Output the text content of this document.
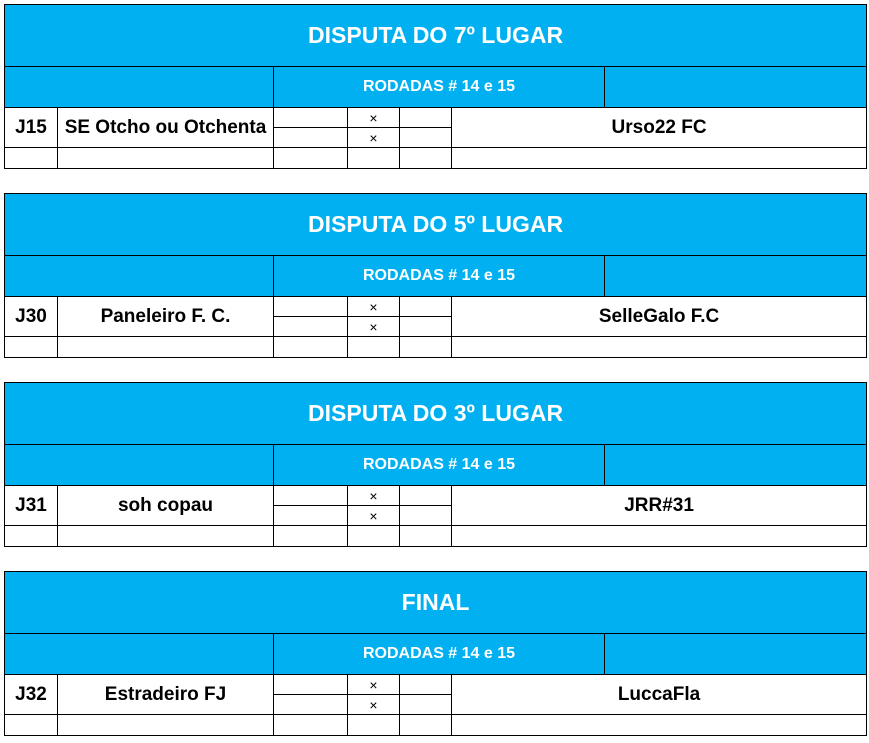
DISPUTA DO 7º LUGAR						
		RODADAS # 14 e 15				
J15	SE Otcho ou Otchenta		×		Urso22 FC	
			×			

DISPUTA DO 5º LUGAR						
		RODADAS # 14 e 15				
J30	Paneleiro F. C.		×		SelleGalo F.C	
			×			

DISPUTA DO 3º LUGAR						
		RODADAS # 14 e 15				
J31	soh copau		×		JRR#31	
			×			

FINAL						
		RODADAS # 14 e 15				
J32	Estradeiro FJ		×		LuccaFla	
			×			
